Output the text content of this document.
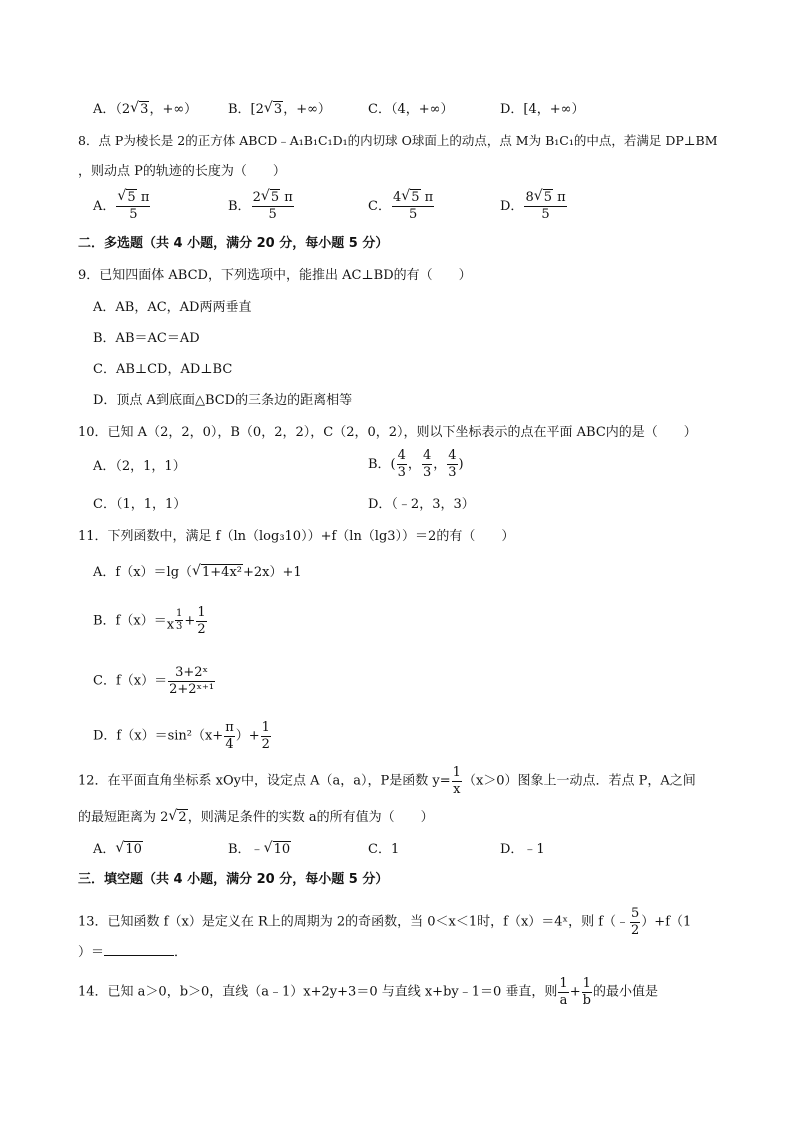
A．（2 √ 3，+∞） B．[2 √ 3，+∞）	C．（4，+∞）	D．[4，+∞）
8．点 P为棱长是 2的正方体 ABCD﹣A₁B₁C₁D₁的内切球 O球面上的动点，点 M为 B₁C₁的中点，若满足 DP⊥BM
，则动点 P的轨迹的长度为（　　）
A． √ $\frac{5 \pi}{5}$	B． $\frac{2 √ 5 \pi}{5}$	C． $\frac{4 √ 5 \pi}{5}$	D． $\frac{8 √ 5 \pi}{5}$
二．多选题（共 4 小题，满分 20 分，每小题 5 分）
9．已知四面体 ABCD，下列选项中，能推出 AC⊥BD的有（　　）
A．AB，AC，AD两两垂直
B．AB＝AC＝AD
C．AB⊥CD，AD⊥BC
D．顶点 A到底面△BCD的三条边的距离相等
10．已知 A（2，2，0），B（0，2，2），C（2，0，2），则以下坐标表示的点在平面 ABC内的是（　　）
A．（2，1，1）	B．( $\frac{4}{3}$ ， $\frac{4}{3}$ ， $\frac{4}{3}$ )
C．（1，1，1）	D．（﹣2，3，3）
11．下列函数中，满足 f（ln（log₃10））+f（ln（lg3））＝2的有（　　）
A．f（x）＝lg（ √ 1+4x²+2x）+1
B．f（x）＝x $^{\frac{1}{3}} + \frac{1}{2}$
C．$f(x)= \frac{\text{3+2ˣ}}{\text{2+2ˣ⁺¹}}$
D．$f(x)=\sin^2(x+ \frac{\pi}{4}$ ）+ $\frac{1}{2}$
12．在平面直角坐标系 xOy中，设定点 A（a，a），P是函数 $y= \frac{1}{x} (x>0)$图象上一动点．若点 P，A之间
的最短距离为 2 √ 2，则满足条件的实数 a的所有值为（　　）
A． √ 10	B．﹣ √ 10	C．1	D．﹣1
三．填空题（共 4 小题，满分 20 分，每小题 5 分）
13．已知函数 f（x）是定义在 R上的周期为 2的奇函数，当 0＜x＜1时，f（x）＝4ˣ，则 f（﹣ $\frac{5}{2} )+f(1$
）＝	．
14．已知 a＞0，b＞0，直线（a﹣1）x+2y+3＝0 与直线 x+by﹣1＝0 垂直，则 $\frac{1}{a} + \frac{1}{b}$ 的最小值是
